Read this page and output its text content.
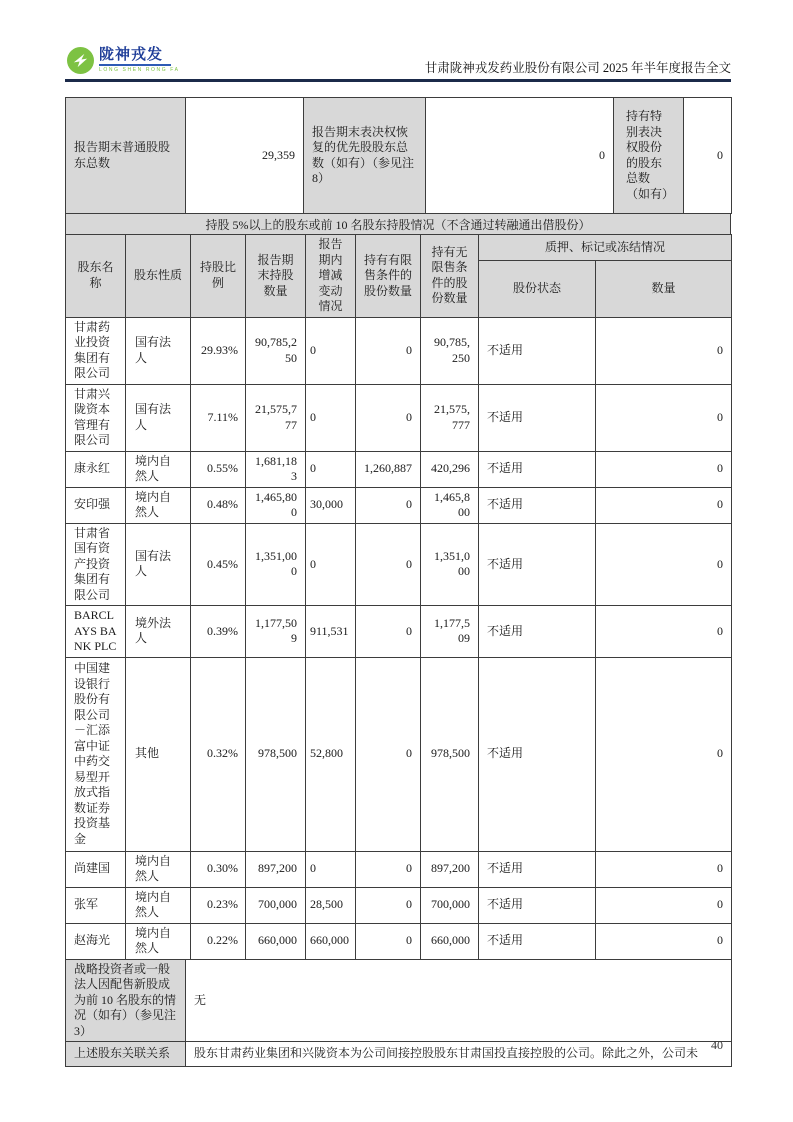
陇神戎发
LONG SHEN RONG FA	甘肃陇神戎发药业股份有限公司 2025 年半年度报告全文
报告期末普通股股东总数	29,359	报告期末表决权恢复的优先股股东总数（如有）（参见注 8）	0	持有特别表决权股份的股东总数（如有）	0
持股 5%以上的股东或前 10 名股东持股情况（不含通过转融通出借股份）
股东名称	股东性质	持股比例	报告期末持股数量	报告期内增减变动情况	持有有限售条件的股份数量	持有无限售条件的股份数量	质押、标记或冻结情况	
							股份状态	数量
甘肃药业投资集团有限公司	国有法人	29.93%	90,785,250	0	0	90,785,250	不适用	0
甘肃兴陇资本管理有限公司	国有法人	7.11%	21,575,777	0	0	21,575,777	不适用	0
康永红	境内自然人	0.55%	1,681,183	0	1,260,887	420,296	不适用	0
安印强	境内自然人	0.48%	1,465,800	30,000	0	1,465,800	不适用	0
甘肃省国有资产投资集团有限公司	国有法人	0.45%	1,351,000	0	0	1,351,000	不适用	0
BARCLAYS BANK PLC	境外法人	0.39%	1,177,509	911,531	0	1,177,509	不适用	0
中国建设银行股份有限公司－汇添富中证中药交易型开放式指数证券投资基金	其他	0.32%	978,500	52,800	0	978,500	不适用	0
尚建国	境内自然人	0.30%	897,200	0	0	897,200	不适用	0
张军	境内自然人	0.23%	700,000	28,500	0	700,000	不适用	0
赵海光	境内自然人	0.22%	660,000	660,000	0	660,000	不适用	0
战略投资者或一般法人因配售新股成为前 10 名股东的情况（如有）（参见注 3）	无
上述股东关联关系	股东甘肃药业集团和兴陇资本为公司间接控股股东甘肃国投直接控股的公司。除此之外，公司未
40
